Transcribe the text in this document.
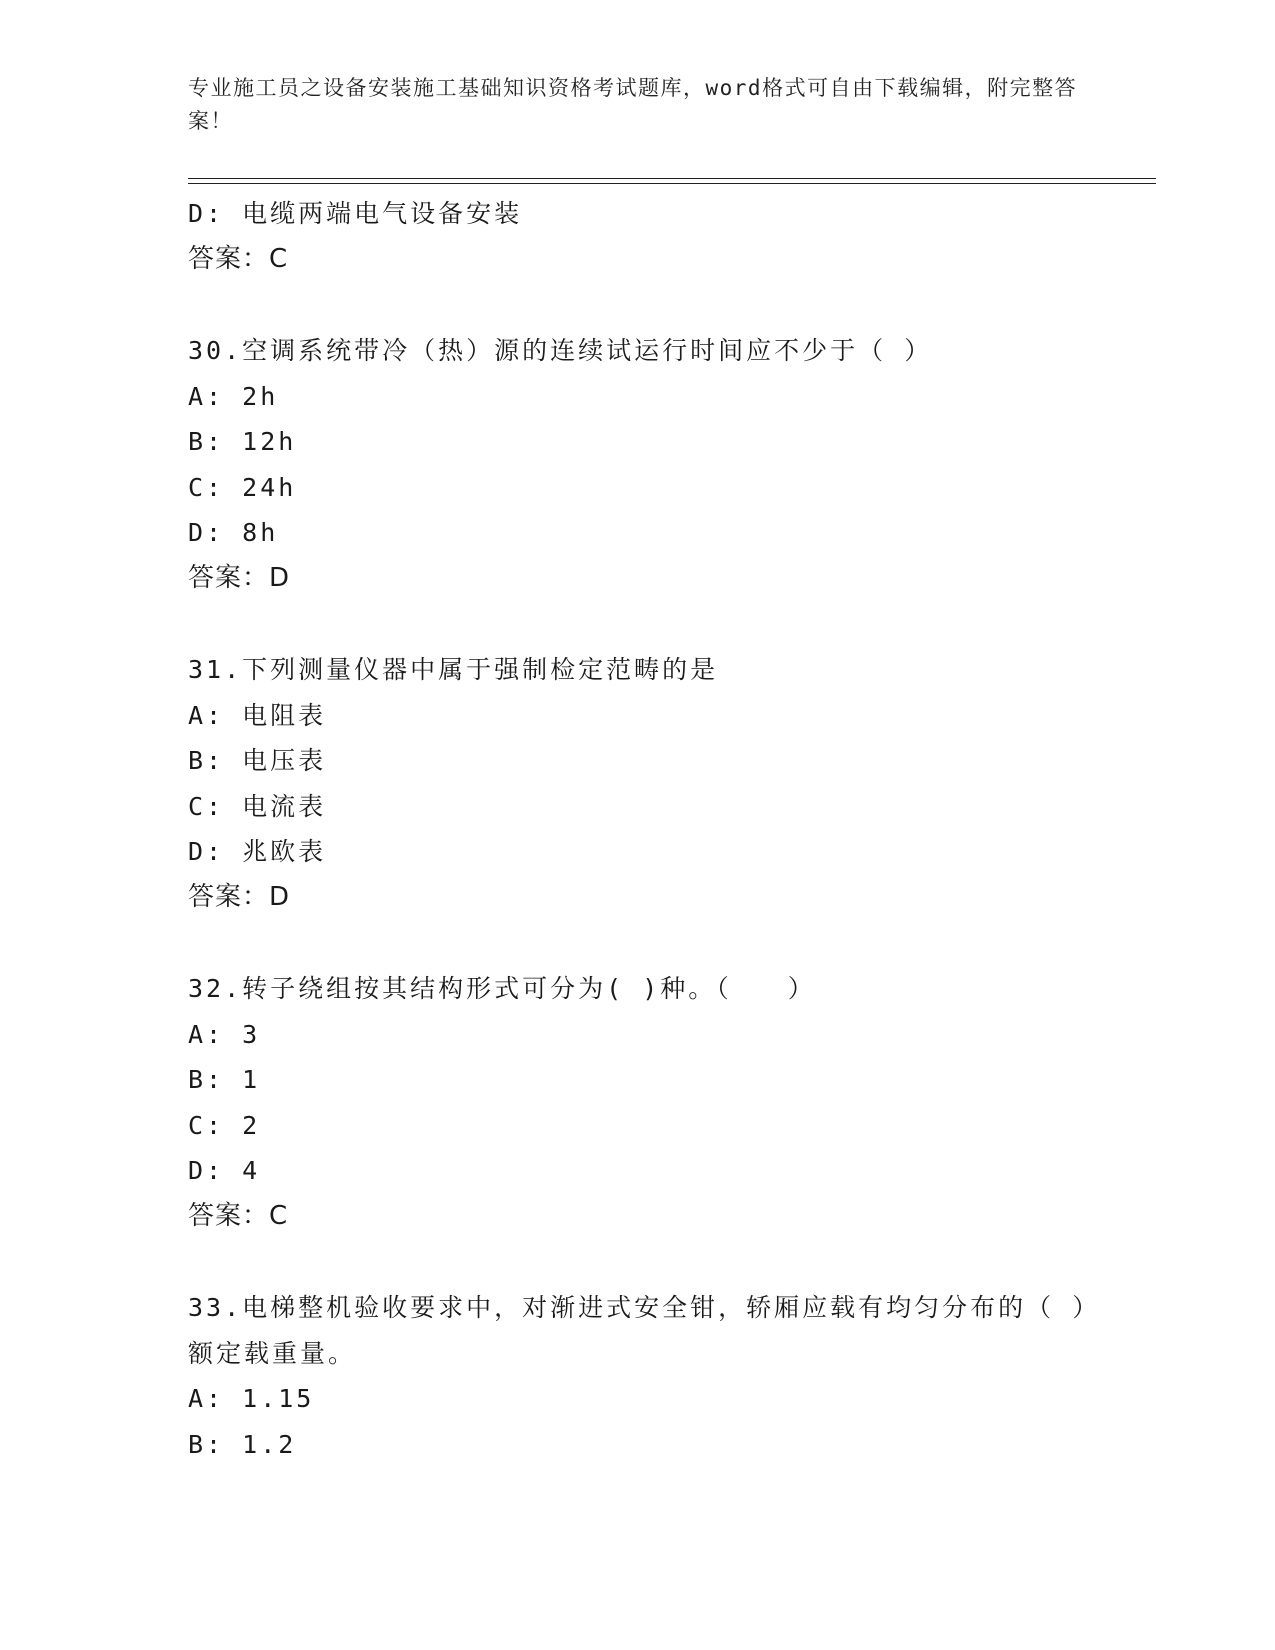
专业施工员之设备安装施工基础知识资格考试题库，word格式可自由下载编辑，附完整答案！
D: 电缆两端电气设备安装
答案：C
30.空调系统带冷（热）源的连续试运行时间应不少于（ ）
A: 2h
B: 12h
C: 24h
D: 8h
答案：D
31.下列测量仪器中属于强制检定范畴的是
A: 电阻表
B: 电压表
C: 电流表
D: 兆欧表
答案：D
32.转子绕组按其结构形式可分为( )种。（　　）
A: 3
B: 1
C: 2
D: 4
答案：C
33.电梯整机验收要求中，对渐进式安全钳，轿厢应载有均匀分布的（ ）额定载重量。
A: 1.15
B: 1.2
